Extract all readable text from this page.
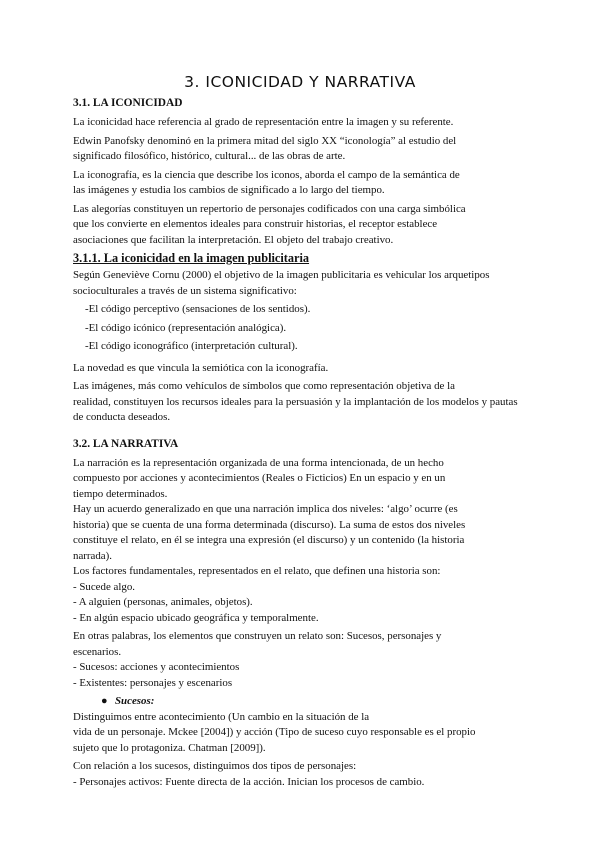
3. ICONICIDAD Y NARRATIVA
3.1. LA ICONICIDAD
La iconicidad hace referencia al grado de representación entre la imagen y su referente.
Edwin Panofsky denominó en la primera mitad del siglo XX “iconología” al estudio del
significado filosófico, histórico, cultural... de las obras de arte.
La iconografía, es la ciencia que describe los iconos, aborda el campo de la semántica de
las imágenes y estudia los cambios de significado a lo largo del tiempo.
Las alegorías constituyen un repertorio de personajes codificados con una carga simbólica
que los convierte en elementos ideales para construir historias, el receptor establece
asociaciones que facilitan la interpretación. El objeto del trabajo creativo.
3.1.1. La iconicidad en la imagen publicitaria
Según Geneviève Cornu (2000) el objetivo de la imagen publicitaria es vehicular los arquetipos
socioculturales a través de un sistema significativo:
-El código perceptivo (sensaciones de los sentidos).
-El código icónico (representación analógica).
-El código iconográfico (interpretación cultural).
La novedad es que vincula la semiótica con la iconografía.
Las imágenes, más como vehículos de símbolos que como representación objetiva de la
realidad, constituyen los recursos ideales para la persuasión y la implantación de los modelos y pautas
de conducta deseados.
3.2. LA NARRATIVA
La narración es la representación organizada de una forma intencionada, de un hecho
compuesto por acciones y acontecimientos (Reales o Ficticios) En un espacio y en un
tiempo determinados.
Hay un acuerdo generalizado en que una narración implica dos niveles: ‘algo’ ocurre (es
historia) que se cuenta de una forma determinada (discurso). La suma de estos dos niveles
constituye el relato, en él se integra una expresión (el discurso) y un contenido (la historia
narrada).
Los factores fundamentales, representados en el relato, que definen una historia son:
- Sucede algo.
- A alguien (personas, animales, objetos).
- En algún espacio ubicado geográfica y temporalmente.
En otras palabras, los elementos que construyen un relato son: Sucesos, personajes y
escenarios.
- Sucesos: acciones y acontecimientos
- Existentes: personajes y escenarios
● Sucesos:
Distinguimos entre acontecimiento (Un cambio en la situación de la
vida de un personaje. Mckee [2004]) y acción (Tipo de suceso cuyo responsable es el propio
sujeto que lo protagoniza. Chatman [2009]).
Con relación a los sucesos, distinguimos dos tipos de personajes:
- Personajes activos: Fuente directa de la acción. Inician los procesos de cambio.
